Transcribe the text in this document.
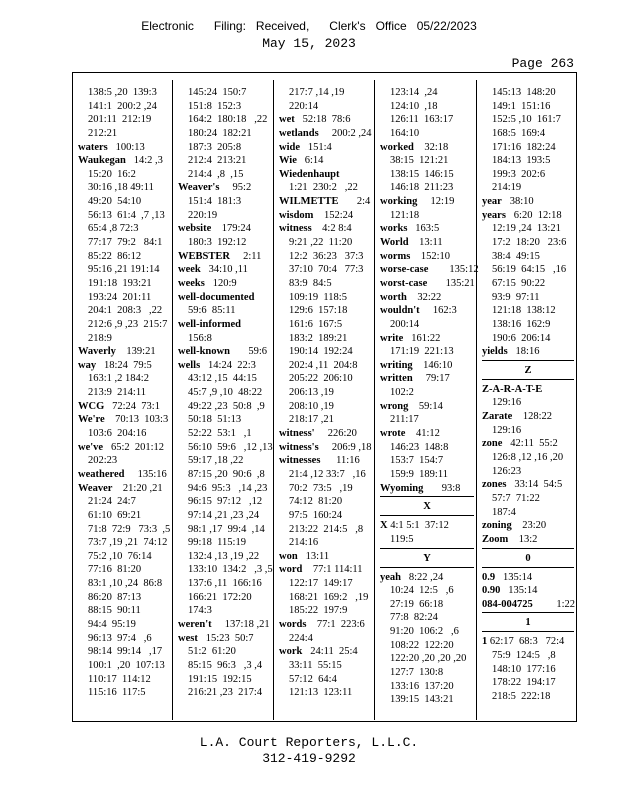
Electronic      Filing:   Received,      Clerk's   Office   05/22/2023
May 15, 2023
Page 263
138:5 ,20  139:3
141:1  200:2 ,24
201:11  212:19
212:21
waters   100:13
Waukegan   14:2 ,3
15:20  16:2
30:16 ,18 49:11
49:20  54:10
56:13  61:4  ,7 ,13
65:4 ,8 72:3
77:17  79:2   84:1
85:22  86:12
95:16 ,21 191:14
191:18  193:21
193:24  201:11
204:1  208:3   ,22
212:6 ,9 ,23  215:7
218:9
Waverly    139:21
way   18:24  79:5
163:1 ,2 184:2
213:9  214:11
WCG   72:24  73:1
We're    70:13  103:3
103:6  204:16
we've   65:2  201:12
202:23
weathered     135:16
Weaver    21:20 ,21
21:24  24:7
61:10  69:21
71:8  72:9   73:3  ,5
73:7 ,19 ,21  74:12
75:2 ,10  76:14
77:16  81:20
83:1 ,10 ,24  86:8
86:20  87:13
88:15  90:11
94:4  95:19
96:13  97:4   ,6
98:14  99:14   ,17
100:1  ,20  107:13
110:17  114:12
115:16  117:5
145:24  150:7
151:8  152:3
164:2  180:18   ,22
180:24  182:21
187:3  205:8
212:4  213:21
214:4  ,8  ,15
Weaver's     95:2
151:4  181:3
220:19
website    179:24
180:3  192:12
WEBSTER     2:11
week   34:10 ,11
weeks   120:9
well-documented
59:6  85:11
well-informed
156:8
well-known       59:6
wells   14:24  22:3
43:12 ,15  44:15
45:7 ,9 ,10  48:22
49:22 ,23  50:8  ,9
50:18  51:13
52:22  53:1   ,1
56:10  59:6   ,12 ,13
59:17 ,18 ,22
87:15 ,20  90:6  ,8
94:6  95:3   ,14 ,23
96:15  97:12   ,12
97:14 ,21 ,23 ,24
98:1 ,17  99:4  ,14
99:18  115:19
132:4 ,13 ,19 ,22
133:10  134:2   ,3 ,5
137:6 ,11  166:16
166:21  172:20
174:3
weren't     137:18 ,21
west   15:23  50:7
51:2  61:20
85:15  96:3   ,3 ,4
191:15  192:15
216:21 ,23  217:4
217:7 ,14 ,19
220:14
wet   52:18  78:6
wetlands     200:2 ,24
wide   151:4
Wie   6:14
Wiedenhaupt
1:21  230:2   ,22
WILMETTE       2:4
wisdom    152:24
witness    4:2 8:4
9:21 ,22  11:20
12:2  36:23   37:3
37:10  70:4   77:3
83:9  84:5
109:19  118:5
129:6  157:18
161:6  167:5
183:2  189:21
190:14  192:24
202:4 ,11  204:8
205:22  206:10
206:13 ,19
208:10 ,19
218:17 ,21
witness'     226:20
witness's     206:9 ,18
witnesses      11:16
21:4 ,12 33:7   ,16
70:2  73:5   ,19
74:12  81:20
97:5  160:24
213:22  214:5   ,8
214:16
won   13:11
word    77:1 114:11
122:17  149:17
168:21  169:2   ,19
185:22  197:9
words    77:1  223:6
224:4
work   24:11  25:4
33:11  55:15
57:12  64:4
121:13  123:11
123:14  ,24
124:10  ,18
126:11  163:17
164:10
worked    32:18
38:15  121:21
138:15  146:15
146:18  211:23
working     12:19
121:18
works   163:5
World    13:11
worms    152:10
worse-case        135:12
worst-case       135:21
worth    32:22
wouldn't     162:3
200:14
write   161:22
171:19  221:13
writing    146:10
written     79:17
102:2
wrong    59:14
211:17
wrote    41:12
146:23  148:8
153:7  154:7
159:9  189:11
Wyoming       93:8
X
X 4:1 5:1  37:12
119:5
Y
yeah   8:22 ,24
10:24  12:5   ,6
27:19  66:18
77:8  82:24
91:20  106:2   ,6
108:22  122:20
122:20 ,20 ,20 ,20
127:7  130:8
133:16  137:20
139:15  143:21
145:13  148:20
149:1  151:16
152:5 ,10  161:7
168:5  169:4
171:16  182:24
184:13  193:5
199:3  202:6
214:19
year   38:10
years   6:20  12:18
12:19 ,24  13:21
17:2  18:20   23:6
38:4  49:15
56:19  64:15   ,16
67:15  90:22
93:9  97:11
121:18  138:12
138:16  162:9
190:6  206:14
yields   18:16
Z
Z-A-R-A-T-E
129:16
Zarate    128:22
129:16
zone   42:11  55:2
126:8 ,12 ,16 ,20
126:23
zones   33:14  54:5
57:7  71:22
187:4
zoning    23:20
Zoom    13:2
0
0.9   135:14
0.90   135:14
084-004725         1:22
1
1 62:17  68:3   72:4
75:9  124:5   ,8
148:10  177:16
178:22  194:17
218:5  222:18
L.A. Court Reporters, L.L.C.
312-419-9292
